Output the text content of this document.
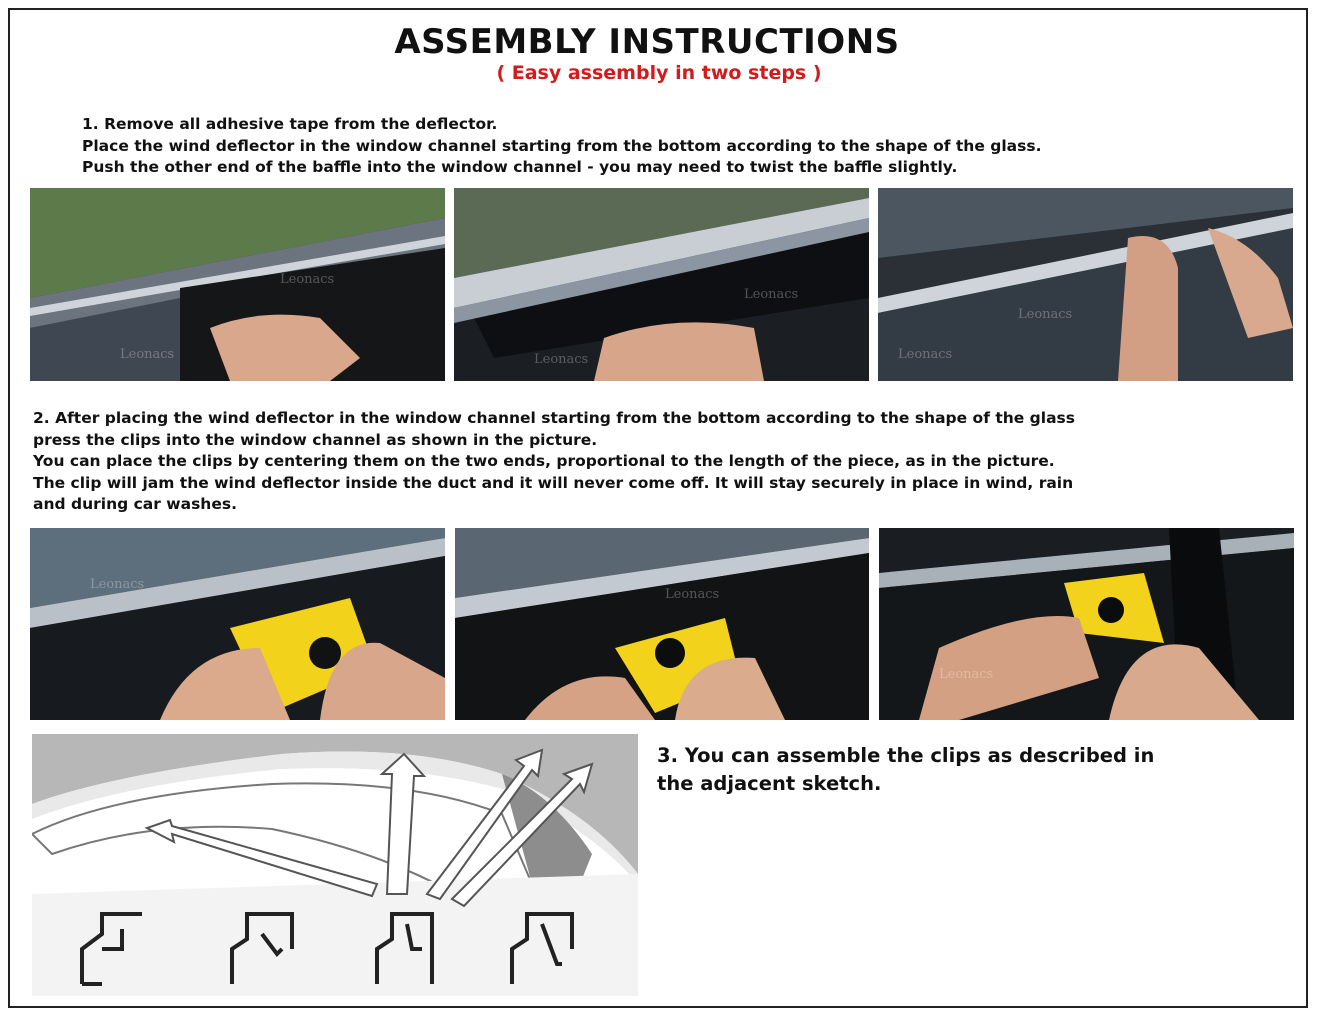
ASSEMBLY INSTRUCTIONS
( Easy assembly in two steps )
1. Remove all adhesive tape from the deflector.
Place the wind deflector in the window channel starting from the bottom according to the shape of the glass.
Push the other end of the baffle into the window channel - you may need to twist the baffle slightly.
Leonacs
Leonacs
Leonacs
Leonacs
Leonacs
Leonacs
2. After placing the wind deflector in the window channel starting from the bottom according to the shape of the glass
press the clips into the window channel as shown in the picture.
You can place the clips by centering them on the two ends, proportional to the length of the piece, as in the picture.
The clip will jam the wind deflector inside the duct and it will never come off. It will stay securely in place in wind, rain
and during car washes.
Leonacs
Leonacs
Leonacs
3. You can assemble the clips as described in
the adjacent sketch.
